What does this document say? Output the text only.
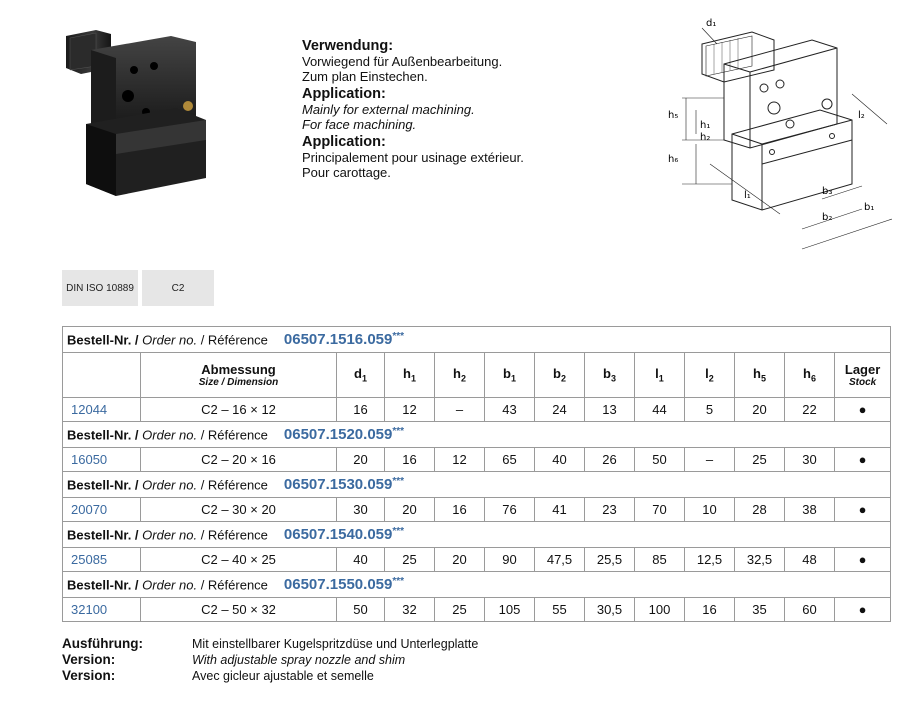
Verwendung:
Vorwiegend für Außenbearbeitung.
Zum plan Einstechen.
Application:
Mainly for external machining.
For face machining.
Application:
Principalement pour usinage extérieur.
Pour carottage.
d₁
h₅
h₁
h₂
h₆
l₁
l₂
b₃
b₂
b₁
DIN ISO 10889	C2
Bestell-Nr. / Order no. / Référence 06507.1516.059***

	Abmessung
Size / Dimension	$d_1$	$h_1$	$h_2$	$b_1$	$b_2$	$b_3$	$l_1$	$l_2$	$h_5$	$h_6$	Lager
Stock

12044	C2 – 16 × 12	16	12	–	43	24	13	44	5	20	22	●
Bestell-Nr. / Order no. / Référence 06507.1520.059***
16050	C2 – 20 × 16	20	16	12	65	40	26	50	–	25	30	●
Bestell-Nr. / Order no. / Référence 06507.1530.059***
20070	C2 – 30 × 20	30	20	16	76	41	23	70	10	28	38	●
Bestell-Nr. / Order no. / Référence 06507.1540.059***
25085	C2 – 40 × 25	40	25	20	90	47,5	25,5	85	12,5	32,5	48	●
Bestell-Nr. / Order no. / Référence 06507.1550.059***
32100	C2 – 50 × 32	50	32	25	105	55	30,5	100	16	35	60	●
Ausführung:	Mit einstellbarer Kugelspritzdüse und Unterlegplatte
Version:	With adjustable spray nozzle and shim
Version:	Avec gicleur ajustable et semelle
